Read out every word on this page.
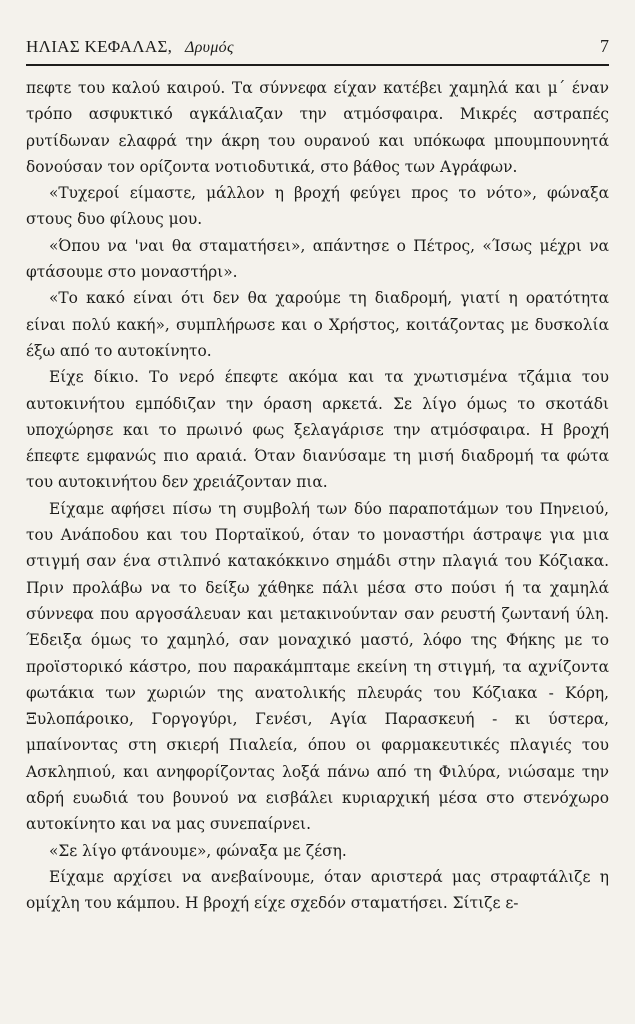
ΗΛΙΑΣ ΚΕΦΑΛΑΣ, Δρυμός	7

πεφτε του καλού καιρού. Τα σύννεφα είχαν κατέβει χαμηλά και μ΄ έναν τρόπο ασφυκτικό αγκάλιαζαν την ατμόσφαιρα. Μικρές αστραπές ρυτίδωναν ελαφρά την άκρη του ουρανού και υπόκωφα μπουμπουνητά δονούσαν τον ορίζοντα νοτιοδυτικά, στο βάθος των Αγράφων.

«Τυχεροί είμαστε, μάλλον η βροχή φεύγει προς το νότο», φώναξα στους δυο φίλους μου.

«Όπου να 'ναι θα σταματήσει», απάντησε ο Πέτρος, «Ίσως μέχρι να φτάσουμε στο μοναστήρι».

«Το κακό είναι ότι δεν θα χαρούμε τη διαδρομή, γιατί η ορατότητα είναι πολύ κακή», συμπλήρωσε και ο Χρήστος, κοιτάζοντας με δυσκολία έξω από το αυτοκίνητο.

Είχε δίκιο. Το νερό έπεφτε ακόμα και τα χνωτισμένα τζάμια του αυτοκινήτου εμπόδιζαν την όραση αρκετά. Σε λίγο όμως το σκοτάδι υποχώρησε και το πρωινό φως ξελαγάρισε την ατμόσφαιρα. Η βροχή έπεφτε εμφανώς πιο αραιά. Όταν διανύσαμε τη μισή διαδρομή τα φώτα του αυτοκινήτου δεν χρειάζονταν πια.

Είχαμε αφήσει πίσω τη συμβολή των δύο παραποτάμων του Πηνειού, του Ανάποδου και του Πορταϊκού, όταν το μοναστήρι άστραψε για μια στιγμή σαν ένα στιλπνό κατακόκκινο σημάδι στην πλαγιά του Κόζιακα. Πριν προλάβω να το δείξω χάθηκε πάλι μέσα στο πούσι ή τα χαμηλά σύννεφα που αργοσάλευαν και μετακινούνταν σαν ρευστή ζωντανή ύλη. Έδειξα όμως το χαμηλό, σαν μοναχικό μαστό, λόφο της Φήκης με το προϊστορικό κάστρο, που παρακάμπταμε εκείνη τη στιγμή, τα αχνίζοντα φωτάκια των χωριών της ανατολικής πλευράς του Κόζιακα - Κόρη, Ξυλοπάροικο, Γοργογύρι, Γενέσι, Αγία Παρασκευή - κι ύστερα, μπαίνοντας στη σκιερή Πιαλεία, όπου οι φαρμακευτικές πλαγιές του Ασκληπιού, και ανηφορίζοντας λοξά πάνω από τη Φιλύρα, νιώσαμε την αδρή ευωδιά του βουνού να εισβάλει κυριαρχική μέσα στο στενόχωρο αυτοκίνητο και να μας συνεπαίρνει.

«Σε λίγο φτάνουμε», φώναξα με ζέση.

Είχαμε αρχίσει να ανεβαίνουμε, όταν αριστερά μας στραφτάλιζε η ομίχλη του κάμπου. Η βροχή είχε σχεδόν σταματήσει. Σίτιζε ε-
